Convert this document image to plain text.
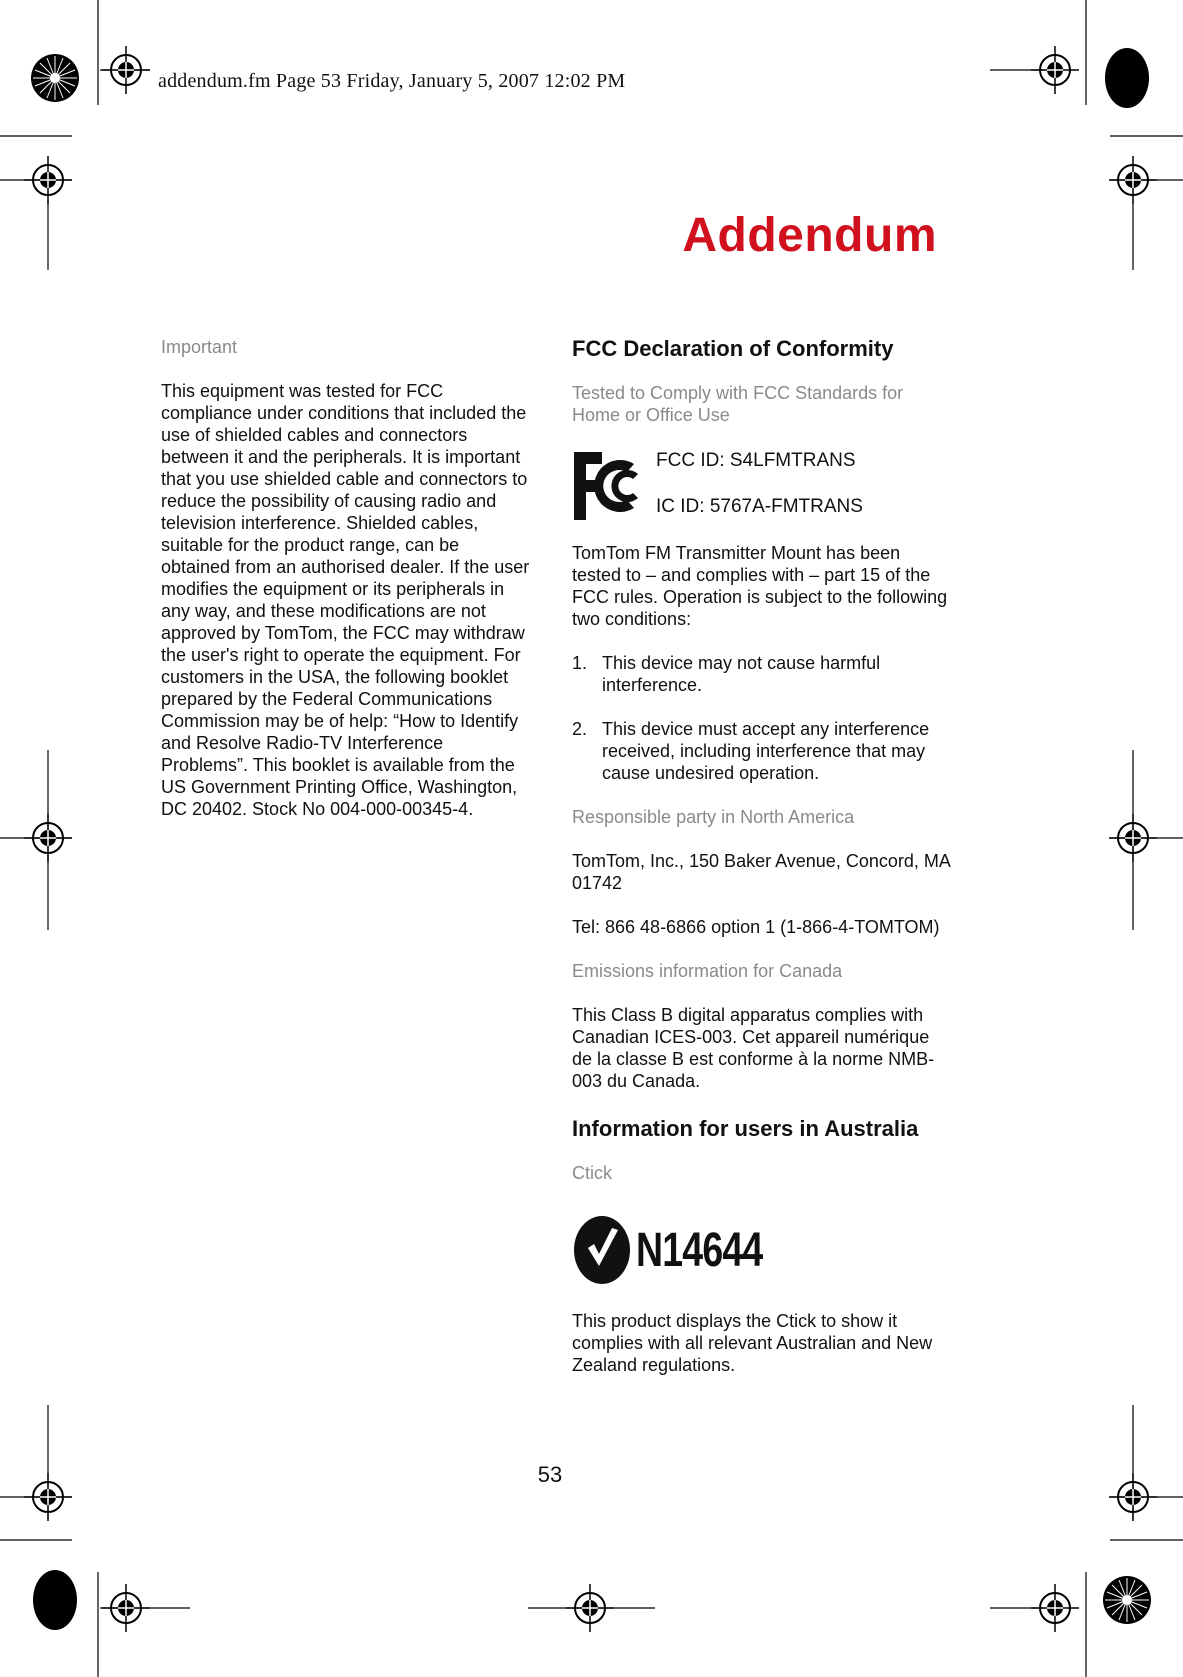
addendum.fm Page 53 Friday, January 5, 2007 12:02 PM
Addendum

Important

This equipment was tested for FCC compliance under conditions that included the use of shielded cables and connectors between it and the peripherals. It is important that you use shielded cable and connectors to reduce the possibility of causing radio and television interference. Shielded cables, suitable for the product range, can be obtained from an authorised dealer. If the user modifies the equipment or its peripherals in any way, and these modifications are not approved by TomTom, the FCC may withdraw the user's right to operate the equipment. For customers in the USA, the following booklet prepared by the Federal Communications Commission may be of help: “How to Identify and Resolve Radio-TV Interference Problems”. This booklet is available from the US Government Printing Office, Washington, DC 20402. Stock No 004-000-00345-4.

FCC Declaration of Conformity

Tested to Comply with FCC Standards for Home or Office Use

FCC ID: S4LFMTRANS

IC ID: 5767A-FMTRANS

TomTom FM Transmitter Mount has been tested to – and complies with – part 15 of the FCC rules. Operation is subject to the following two conditions:

1. This device may not cause harmful interference.
2. This device must accept any interference received, including interference that may cause undesired operation.

Responsible party in North America

TomTom, Inc., 150 Baker Avenue, Concord, MA 01742

Tel: 866 48-6866 option 1 (1-866-4-TOMTOM)

Emissions information for Canada

This Class B digital apparatus complies with Canadian ICES-003. Cet appareil numérique de la classe B est conforme à la norme NMB-003 du Canada.

Information for users in Australia

Ctick

N14644

This product displays the Ctick to show it complies with all relevant Australian and New Zealand regulations.

53
